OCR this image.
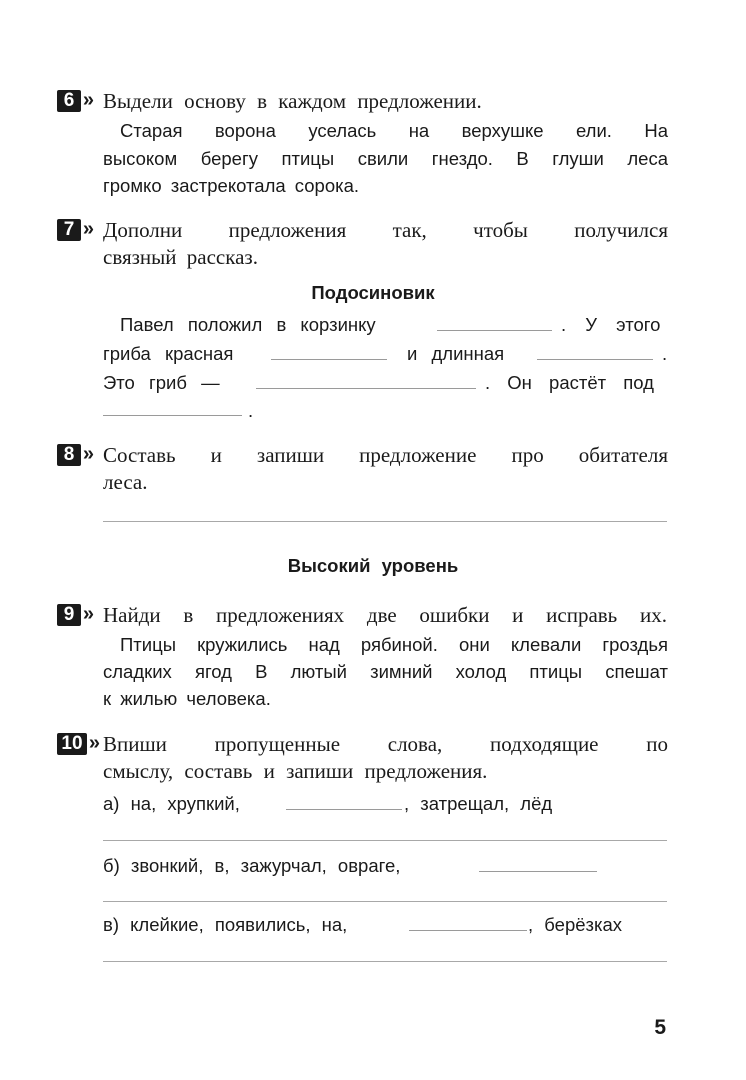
6 »	Выдели основу в каждом предложении.
Старая ворона уселась на верхушке ели. На
высоком берегу птицы свили гнездо. В глуши леса
громко застрекотала сорока.
7 »	Дополни предложения так, чтобы получился
связный рассказ.
Подосиновик
Павел положил в корзинку	. У этого
гриба красная	и длинная	.
Это гриб —	. Он растёт под
.
8 »	Составь и запиши предложение про обитателя
леса.
Высокий уровень
9 »	Найди в предложениях две ошибки и исправь их.
Птицы кружились над рябиной. они клевали гроздья
сладких ягод В лютый зимний холод птицы спешат
к жилью человека.
10 » Впиши пропущенные слова, подходящие по
смыслу, составь и запиши предложения.
а) на, хрупкий,	, затрещал, лёд
б) звонкий, в, зажурчал, овраге,
в) клейкие, появились, на,	, берёзках
5
